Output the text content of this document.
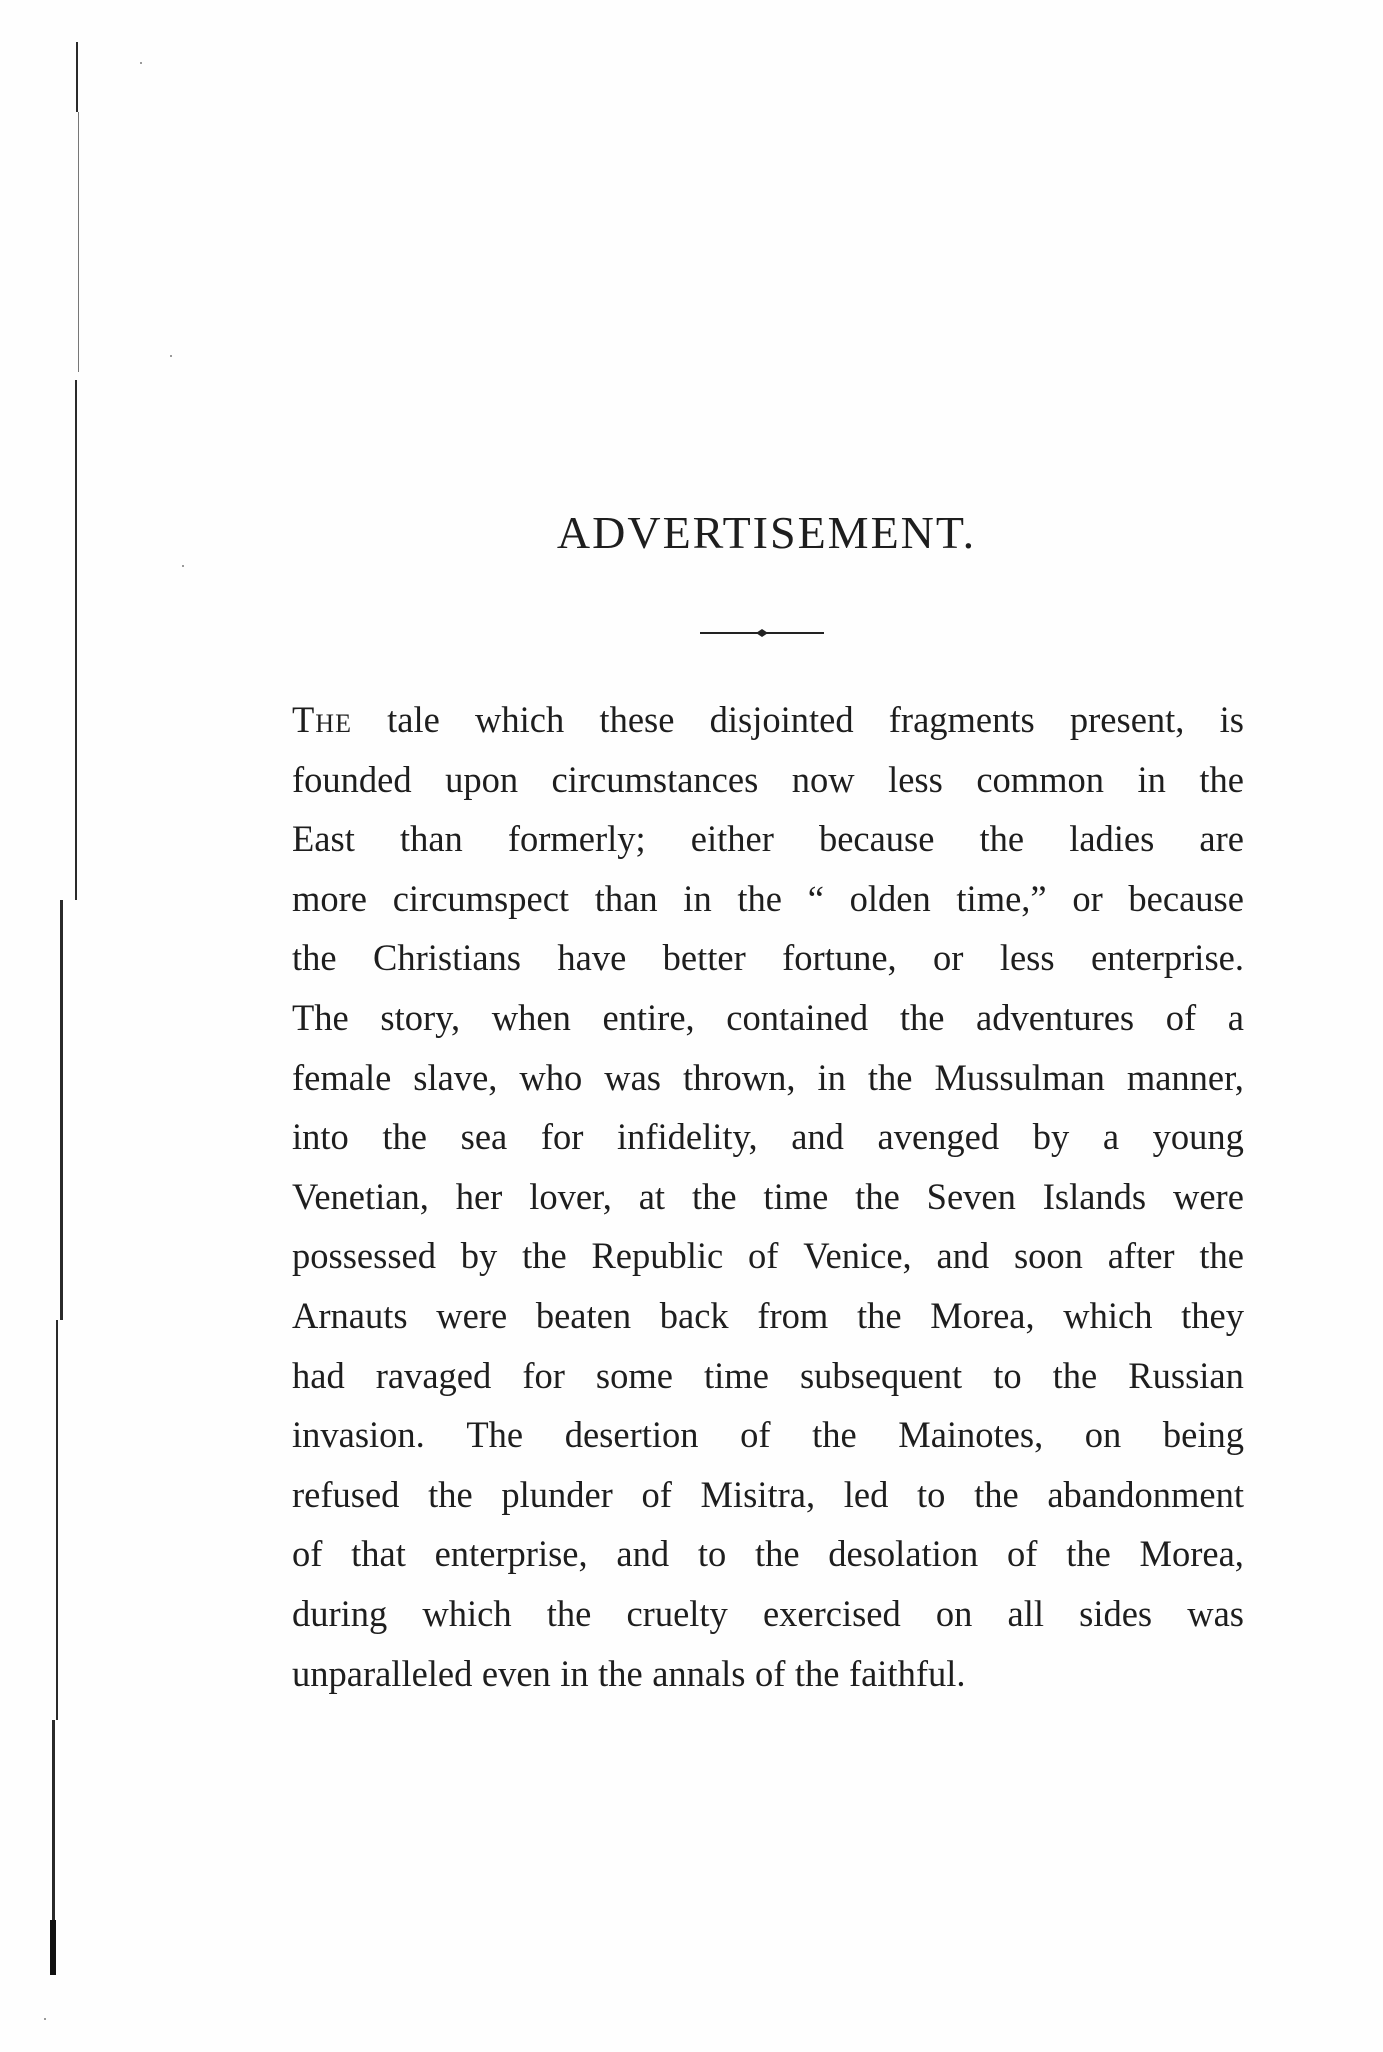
ADVERTISEMENT.
The tale which these disjointed fragments present, is
founded upon circumstances now less common in the
East than formerly; either because the ladies are
more circumspect than in the “ olden time,” or because
the Christians have better fortune, or less enterprise.
The story, when entire, contained the adventures of a
female slave, who was thrown, in the Mussulman manner,
into the sea for infidelity, and avenged by a young
Venetian, her lover, at the time the Seven Islands were
possessed by the Republic of Venice, and soon after the
Arnauts were beaten back from the Morea, which they
had ravaged for some time subsequent to the Russian
invasion. The desertion of the Mainotes, on being
refused the plunder of Misitra, led to the abandonment
of that enterprise, and to the desolation of the Morea,
during which the cruelty exercised on all sides was
unparalleled even in the annals of the faithful.
